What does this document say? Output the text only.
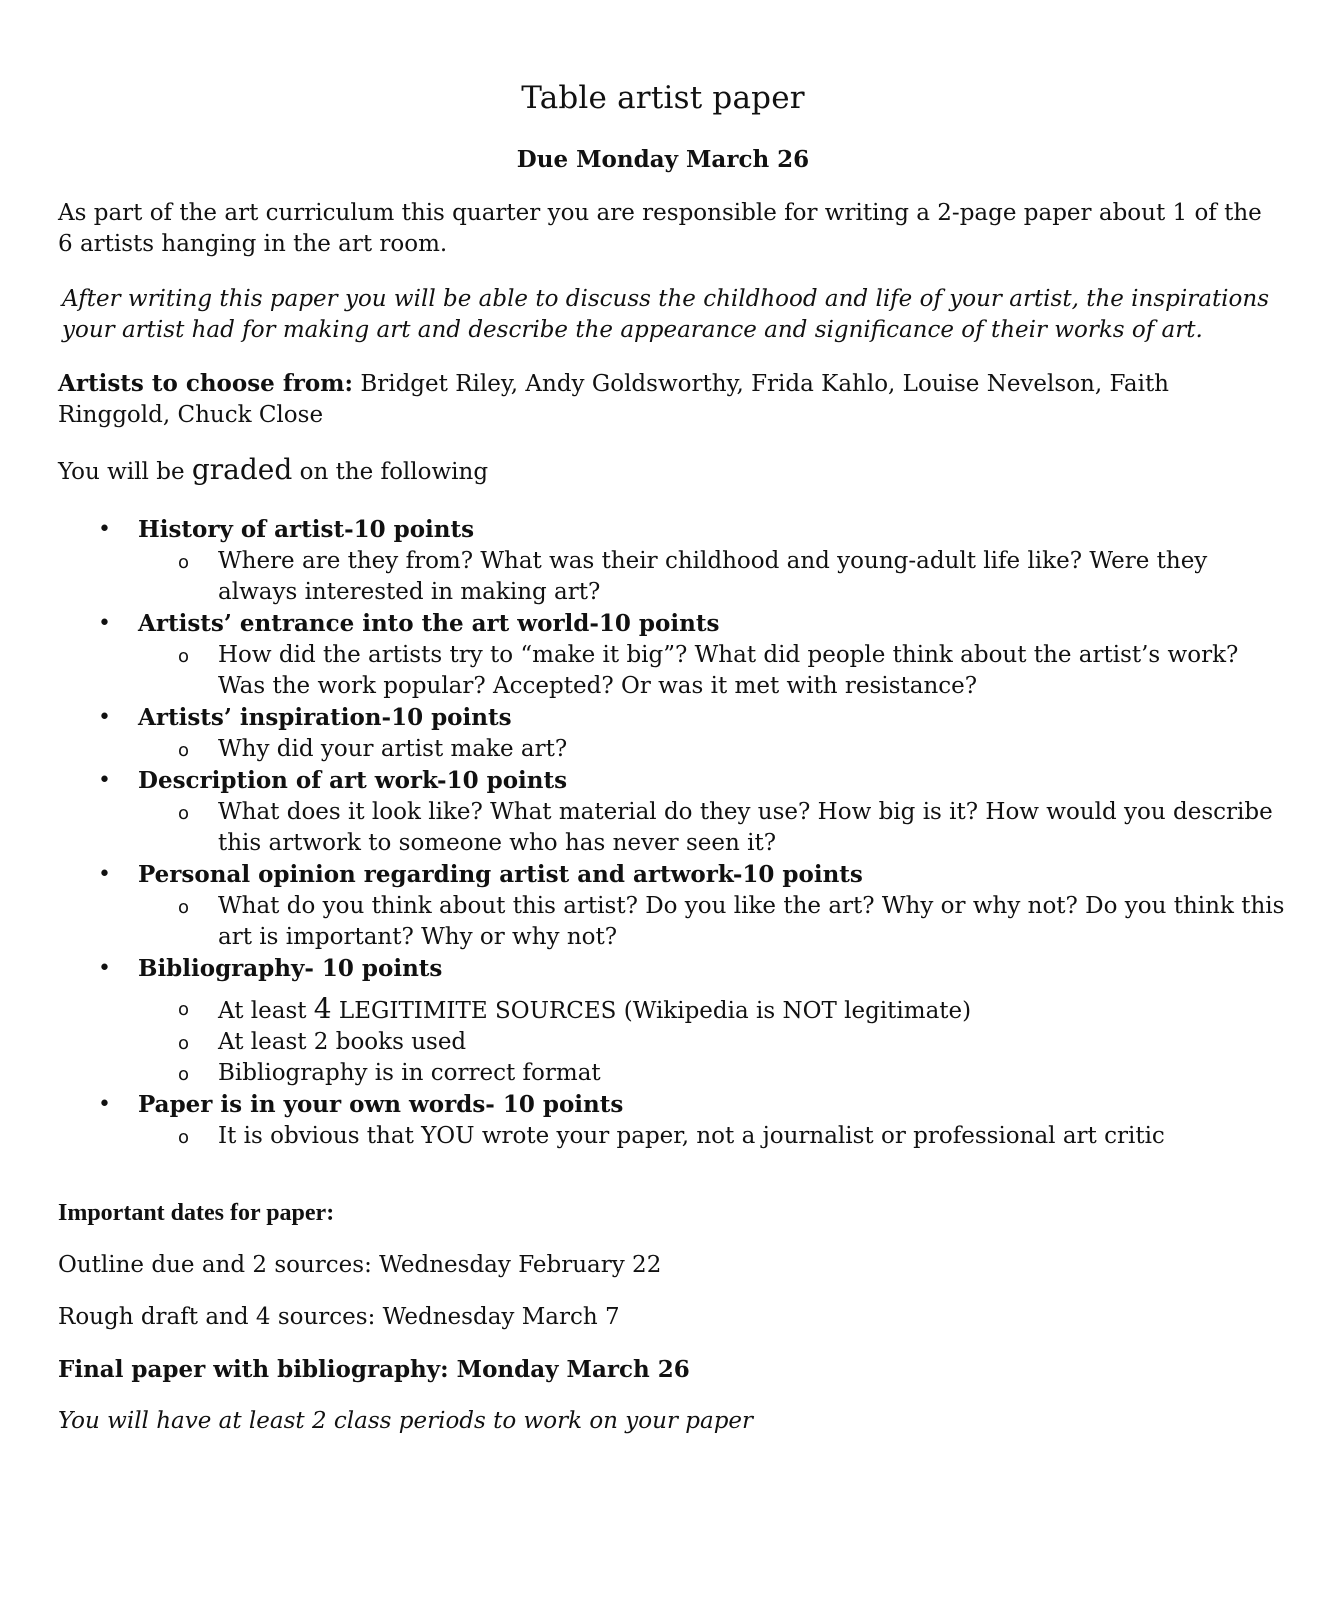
Table artist paper
Due Monday March 26
As part of the art curriculum this quarter you are responsible for writing a 2-page paper about 1 of the 6 artists hanging in the art room.
After writing this paper you will be able to discuss the childhood and life of your artist, the inspirations your artist had for making art and describe the appearance and significance of their works of art.
Artists to choose from: Bridget Riley, Andy Goldsworthy, Frida Kahlo, Louise Nevelson, Faith Ringgold, Chuck Close
You will be graded on the following
• History of artist-10 points
o Where are they from? What was their childhood and young-adult life like? Were they always interested in making art?
• Artists’ entrance into the art world-10 points
o How did the artists try to “make it big”? What did people think about the artist’s work? Was the work popular? Accepted? Or was it met with resistance?
• Artists’ inspiration-10 points
o Why did your artist make art?
• Description of art work-10 points
o What does it look like? What material do they use? How big is it? How would you describe this artwork to someone who has never seen it?
• Personal opinion regarding artist and artwork-10 points
o What do you think about this artist? Do you like the art? Why or why not? Do you think this art is important? Why or why not?
• Bibliography- 10 points
o At least 4 LEGITIMITE SOURCES (Wikipedia is NOT legitimate)
o At least 2 books used
o Bibliography is in correct format
• Paper is in your own words- 10 points
o It is obvious that YOU wrote your paper, not a journalist or professional art critic
Important dates for paper:
Outline due and 2 sources: Wednesday February 22
Rough draft and 4 sources: Wednesday March 7
Final paper with bibliography: Monday March 26
You will have at least 2 class periods to work on your paper
